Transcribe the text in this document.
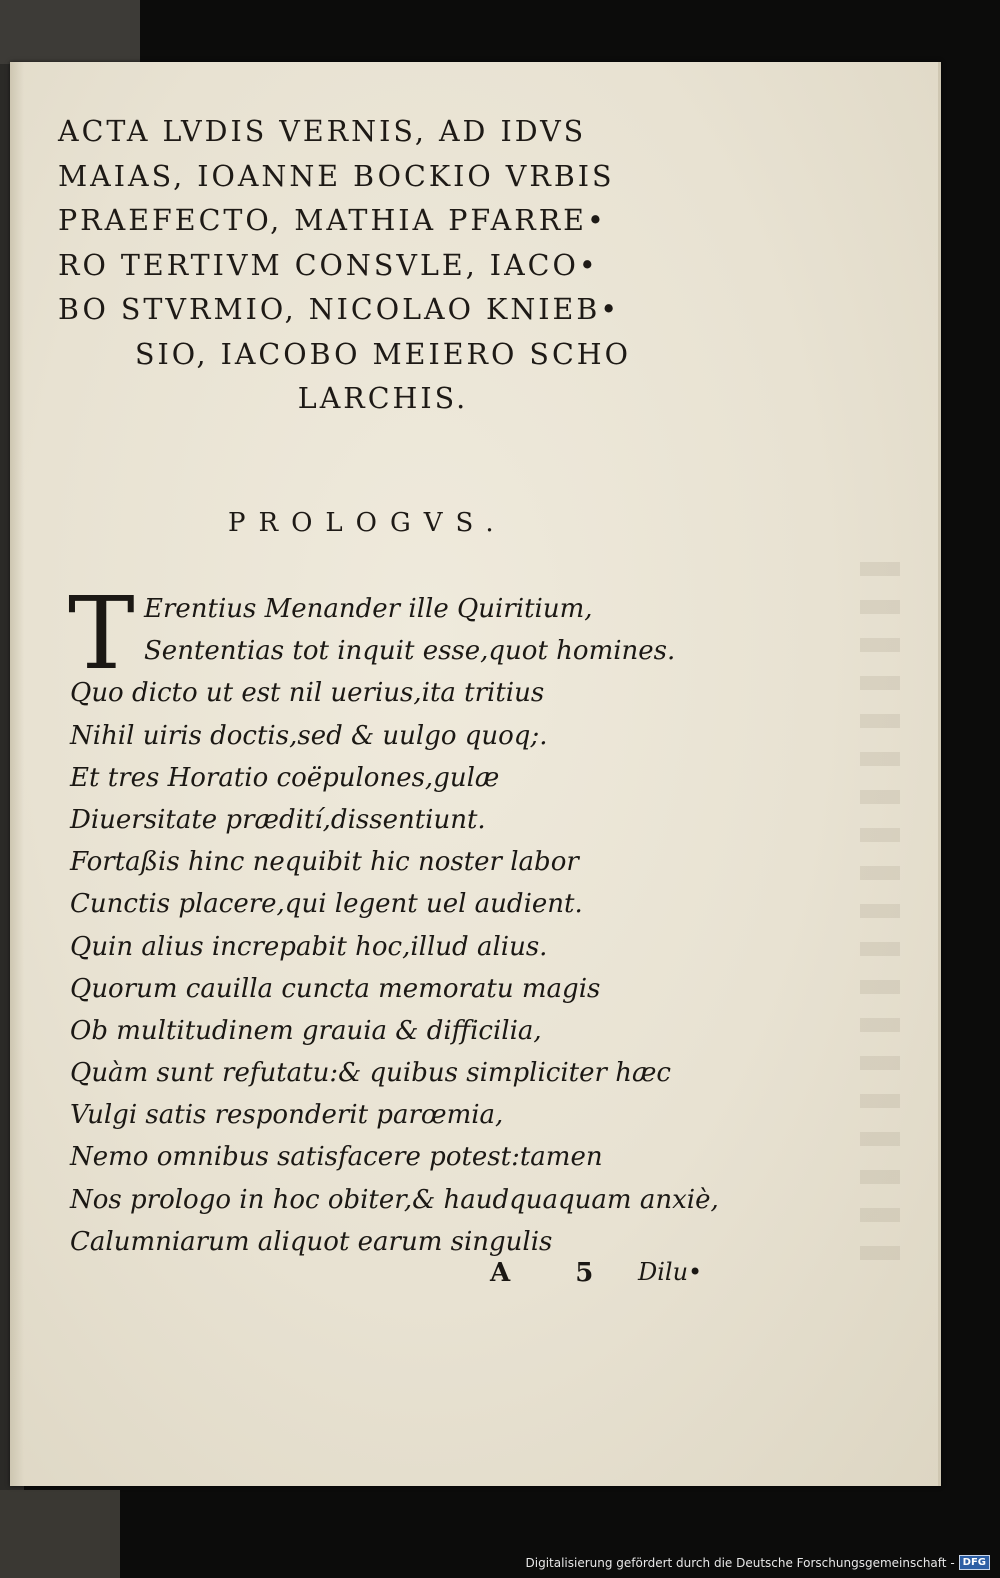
ACTA LVDIS VERNIS, AD IDVS
MAIAS, IOANNE BOCKIO VRBIS
PRAEFECTO, MATHIA PFARRE•
RO TERTIVM CONSVLE, IACO•
BO STVRMIO, NICOLAO KNIEB•
SIO, IACOBO MEIERO SCHO
LARCHIS.
PROLOGVS.
T Erentius Menander ille Quiritium,
Sententias tot inquit esse,quot homines.
Quo dicto ut est nil uerius,ita tritius
Nihil uiris doctis,sed & uulgo quoq;.
Et tres Horatio coëpulones,gulæ
Diuersitate prædití,dissentiunt.
Fortaßis hinc nequibit hic noster labor
Cunctis placere,qui legent uel audient.
Quin alius increpabit hoc,illud alius.
Quorum cauilla cuncta memoratu magis
Ob multitudinem grauia & difficilia,
Quàm sunt refutatu:& quibus simpliciter hæc
Vulgi satis responderit parœmia,
Nemo omnibus satisfacere potest:tamen
Nos prologo in hoc obiter,& haudquaquam anxiè,
Calumniarum aliquot earum singulis
A 5 Dilu•
Digitalisierung gefördert durch die Deutsche Forschungsgemeinschaft - DFG
